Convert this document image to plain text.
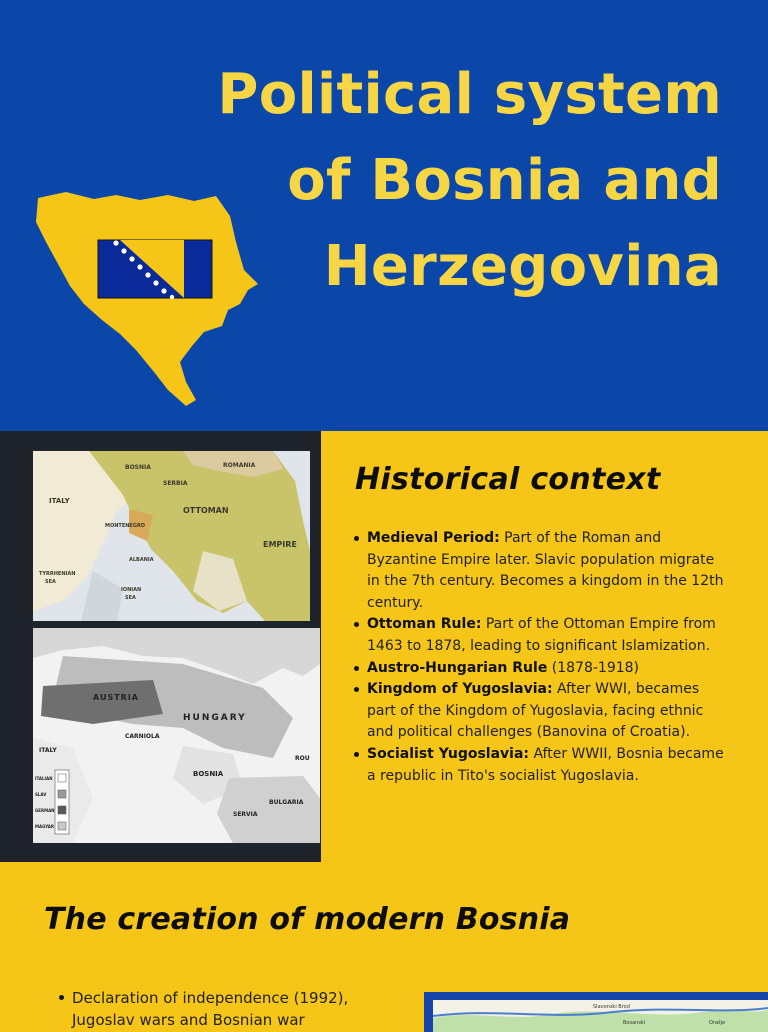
Political system
of Bosnia and
Herzegovina
BOSNIA	ROMANIA
SERBIA
OTTOMAN
EMPIRE
ITALY
MONTENEGRO
ALBANIA
IONIAN
SEA
TYRRHENIAN
SEA
HUNGARY
AUSTRIA
BOSNIA
SERVIA
BULGARIA
ROU
CARNIOLA
ITALY
ITALIAN
SLAV
GERMAN
MAGYAR
Historical context
Medieval Period: Part of the Roman and Byzantine Empire later. Slavic population migrate in the 7th century. Becomes a kingdom in the 12th century.
Ottoman Rule: Part of the Ottoman Empire from 1463 to 1878, leading to significant Islamization.
Austro-Hungarian Rule (1878-1918)
Kingdom of Yugoslavia: After WWI, becames part of the Kingdom of Yugoslavia, facing ethnic and political challenges (Banovina of Croatia).
Socialist Yugoslavia: After WWII, Bosnia became a republic in Tito's socialist Yugoslavia.
The creation of modern Bosnia
Declaration of independence (1992), Jugoslav wars and Bosnian war
Slavonski Brod
Bosanski	Orašje
